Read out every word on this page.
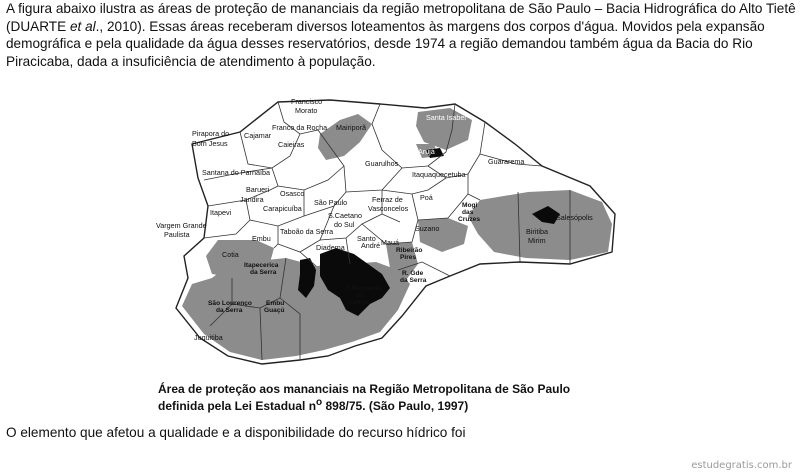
A figura abaixo ilustra as áreas de proteção de mananciais da região metropolitana de São Paulo – Bacia Hidrográfica do Alto Tietê (DUARTE et al., 2010). Essas áreas receberam diversos loteamentos às margens dos corpos d'água. Movidos pela expansão demográfica e pela qualidade da água desses reservatórios, desde 1974 a região demandou também água da Bacia do Rio Piracicaba, dada a insuficiência de atendimento à população.

Francisco
Morato
Franco da Rocha Mairiporã
Santa Isabel
Pirapora do
Bom Jesus
Cajamar
Caieiras
Guarulhos
Arujá
Guararema
Itaquaquecetuba
Santana do Parnaíba
Barueri
Jandira
Osasco
Carapicuíba
São Paulo
Itapevi
Ferraz de
Vasconcelos
Poá
Mogi
das
Cruzes	Salesópolis
Vargem Grande
Paulista
S.Caetano
do Sul
Taboão da Serra
Embu	Santo
André
Diadema
Mauá
Suzano	Biritiba
Mirim
Cotia
Itapecerica
da Serra
Ribeirão
Pires
R. Gde
da Serra
S.Bernardo
do
Campo
São Lourenço
da Serra
Embu
Guaçú
Juquitiba

Área de proteção aos mananciais na Região Metropolitana de São Paulo
definida pela Lei Estadual $n^o$ 898/75. (São Paulo, 1997)

O elemento que afetou a qualidade e a disponibilidade do recurso hídrico foi

estudegratis.com.br
